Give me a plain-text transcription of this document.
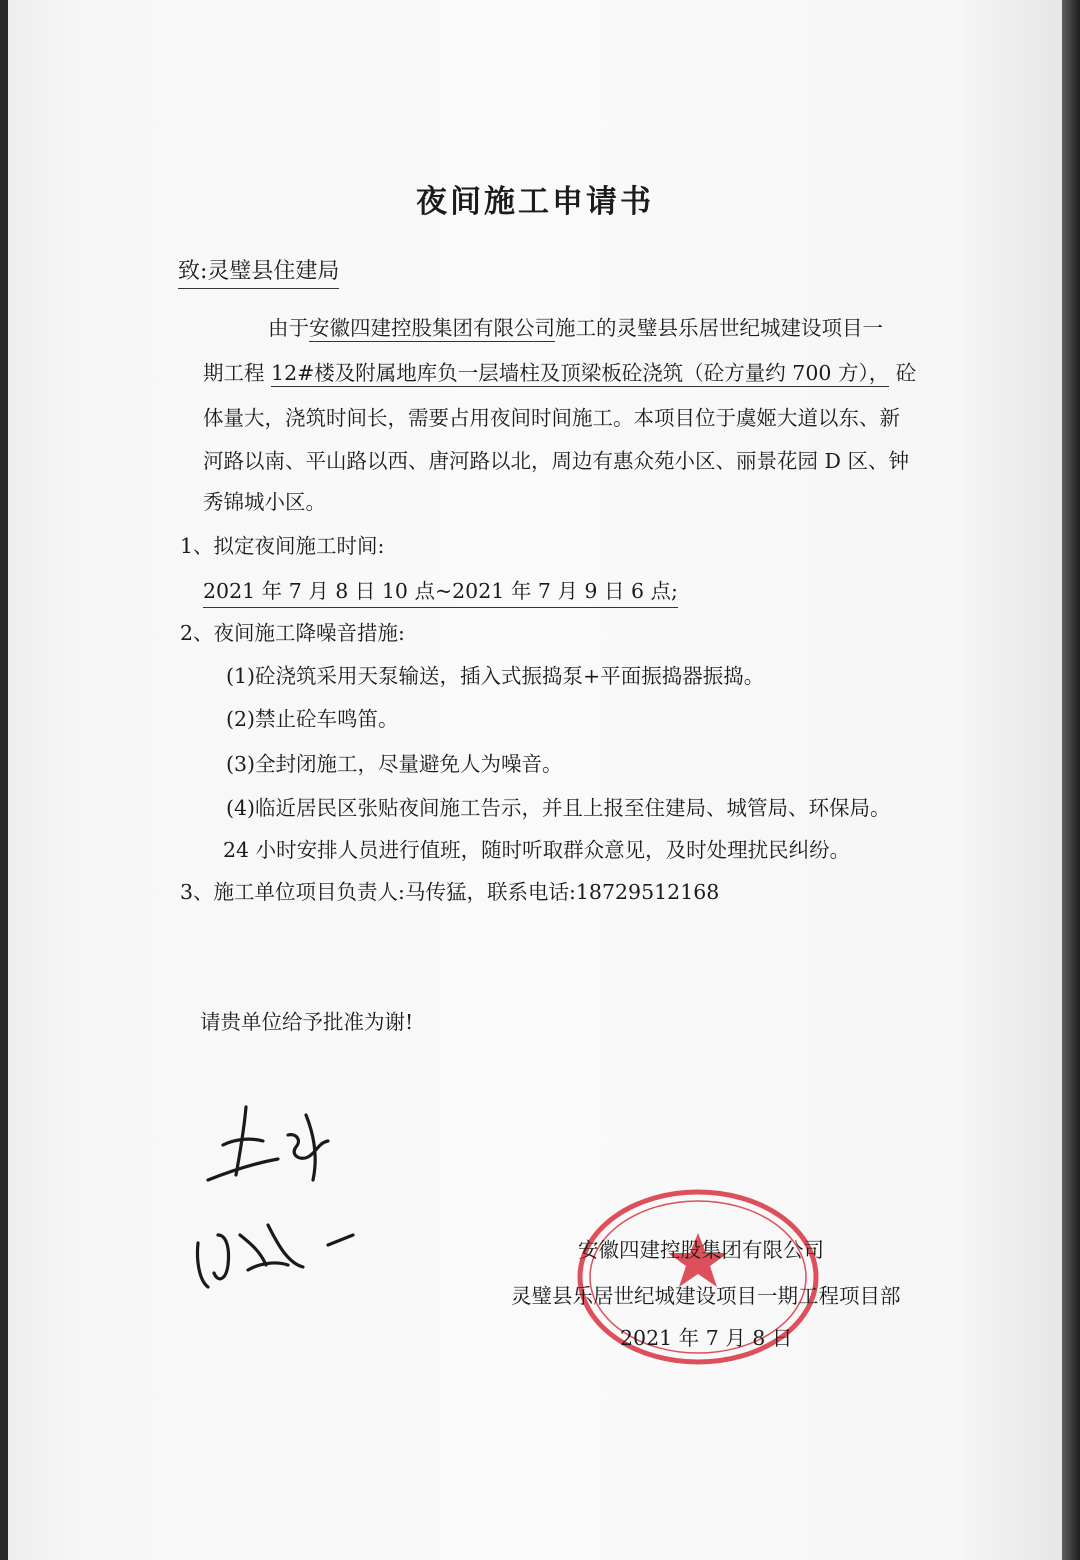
夜间施工申请书
致:灵璧县住建局
由于安徽四建控股集团有限公司施工的灵璧县乐居世纪城建设项目一
期工程 12#楼及附属地库负一层墙柱及顶梁板砼浇筑（砼方量约 700 方）， 砼
体量大，浇筑时间长，需要占用夜间时间施工。本项目位于虞姬大道以东、新
河路以南、平山路以西、唐河路以北，周边有惠众苑小区、丽景花园 D 区、钟
秀锦城小区。
1、拟定夜间施工时间:
2021 年 7 月 8 日 10 点~2021 年 7 月 9 日 6 点;
2、夜间施工降噪音措施:
(1)砼浇筑采用天泵输送，插入式振捣泵+平面振捣器振捣。
(2)禁止砼车鸣笛。
(3)全封闭施工，尽量避免人为噪音。
(4)临近居民区张贴夜间施工告示，并且上报至住建局、城管局、环保局。
24 小时安排人员进行值班，随时听取群众意见，及时处理扰民纠纷。
3、施工单位项目负责人:马传猛，联系电话:18729512168
请贵单位给予批准为谢!
安徽四建控股集团有限公司
灵璧县乐居世纪城建设项目一期工程项目部
2021 年 7 月 8 日
